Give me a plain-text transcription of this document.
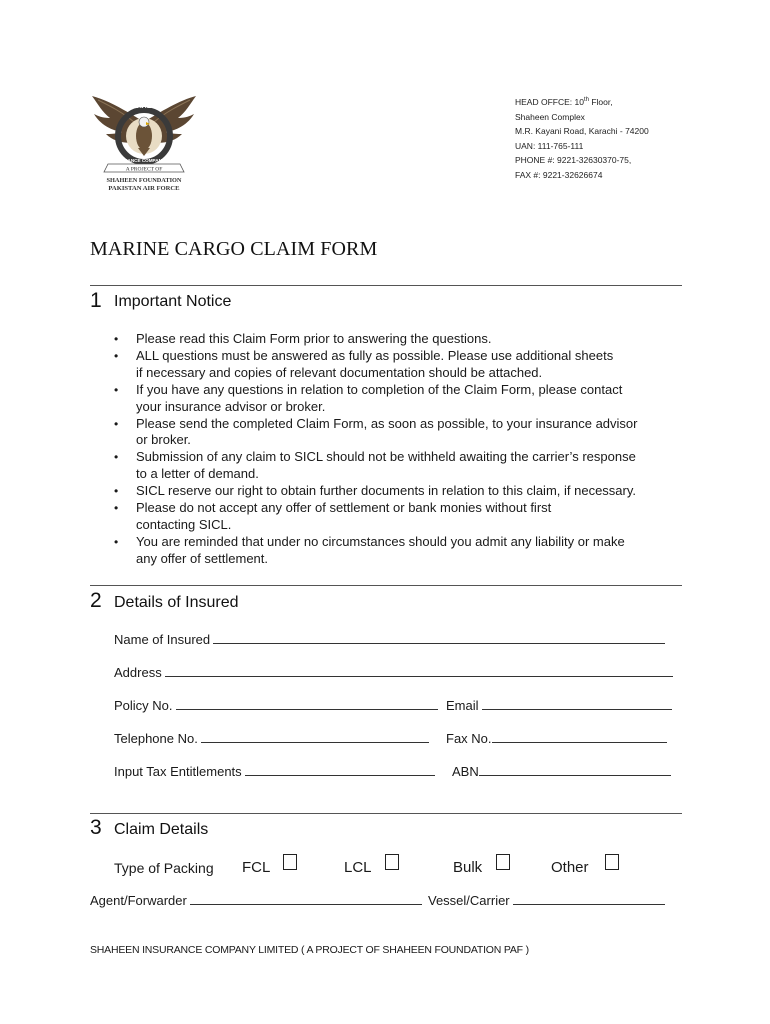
A PROJECT OF
SHAHEEN
INSURANCE COMPANY LTD
SHAHEEN FOUNDATION
PAKISTAN AIR FORCE
HEAD OFFCE: 10th Floor,
Shaheen Complex
M.R. Kayani Road, Karachi - 74200
UAN: 111-765-111
PHONE #: 9221-32630370-75,
FAX #: 9221-32626674
MARINE CARGO CLAIM FORM
1 Important Notice
• Please read this Claim Form prior to answering the questions.
• ALL questions must be answered as fully as possible. Please use additional sheets
if necessary and copies of relevant documentation should be attached.
• If you have any questions in relation to completion of the Claim Form, please contact
your insurance advisor or broker.
• Please send the completed Claim Form, as soon as possible, to your insurance advisor
or broker.
• Submission of any claim to SICL should not be withheld awaiting the carrier’s response
to a letter of demand.
• SICL reserve our right to obtain further documents in relation to this claim, if necessary.
• Please do not accept any offer of settlement or bank monies without first
contacting SICL.
• You are reminded that under no circumstances should you admit any liability or make
any offer of settlement.
2 Details of Insured
Name of Insured
Address
Policy No.	Email
Telephone No.	Fax No.
Input Tax Entitlements	ABN
3 Claim Details
Type of Packing FCL	LCL	Bulk	Other
Agent/Forwarder	Vessel/Carrier
SHAHEEN INSURANCE COMPANY LIMITED ( A PROJECT OF SHAHEEN FOUNDATION PAF )
